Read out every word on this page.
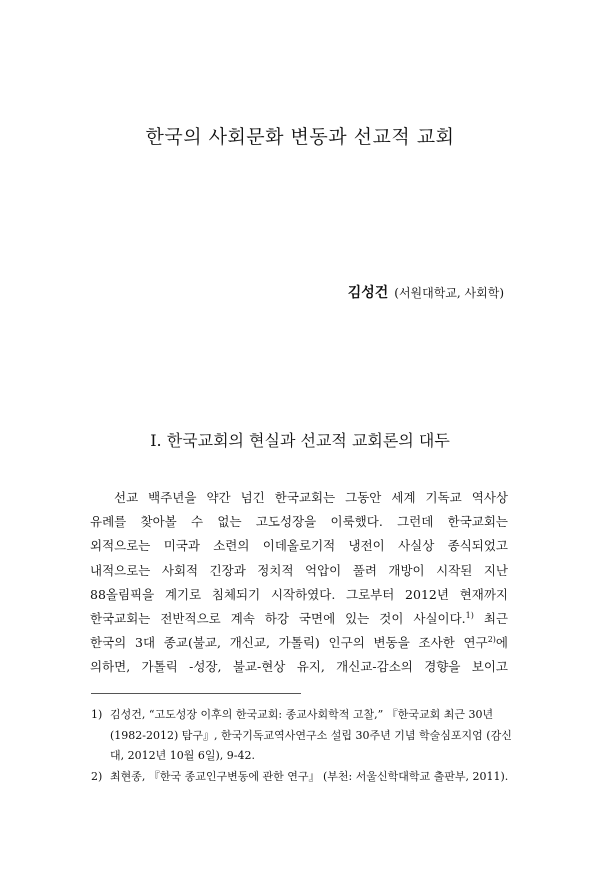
한국의 사회문화 변동과 선교적 교회
김성건 (서원대학교, 사회학)
Ⅰ. 한국교회의 현실과 선교적 교회론의 대두
선교 백주년을 약간 넘긴 한국교회는 그동안 세계 기독교 역사상
유례를 찾아볼 수 없는 고도성장을 이룩했다. 그런데 한국교회는
외적으로는 미국과 소련의 이데올로기적 냉전이 사실상 종식되었고
내적으로는 사회적 긴장과 정치적 억압이 풀려 개방이 시작된 지난
88올림픽을 계기로 침체되기 시작하였다. 그로부터 2012년 현재까지
한국교회는 전반적으로 계속 하강 국면에 있는 것이 사실이다.$^{1)}$ 최근
한국의 3대 종교(불교, 개신교, 가톨릭) 인구의 변동을 조사한 연구$^{2)}$에
의하면, 가톨릭 -성장, 불교-현상 유지, 개신교-감소의 경향을 보이고
1) 김성건, “고도성장 이후의 한국교회: 종교사회학적 고찰,” 『한국교회 최근 30년
(1982-2012) 탐구』, 한국기독교역사연구소 설립 30주년 기념 학술심포지엄 (감신
대, 2012년 10월 6일), 9-42.
2) 최현종, 『한국 종교인구변동에 관한 연구』 (부천: 서울신학대학교 출판부, 2011).
